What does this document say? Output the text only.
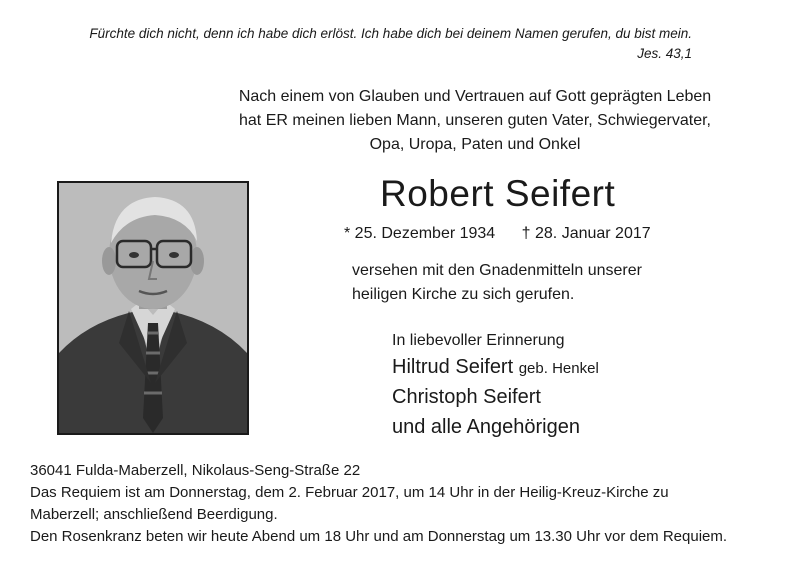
Fürchte dich nicht, denn ich habe dich erlöst. Ich habe dich bei deinem Namen gerufen, du bist mein.
Jes. 43,1
Nach einem von Glauben und Vertrauen auf Gott geprägten Leben
hat ER meinen lieben Mann, unseren guten Vater, Schwiegervater,
Opa, Uropa, Paten und Onkel
Robert Seifert
* 25. Dezember 1934 † 28. Januar 2017
versehen mit den Gnadenmitteln unserer
heiligen Kirche zu sich gerufen.
In liebevoller Erinnerung
Hiltrud Seifert geb. Henkel
Christoph Seifert
und alle Angehörigen
36041 Fulda-Maberzell, Nikolaus-Seng-Straße 22
Das Requiem ist am Donnerstag, dem 2. Februar 2017, um 14 Uhr in der Heilig-Kreuz-Kirche zu
Maberzell; anschließend Beerdigung.
Den Rosenkranz beten wir heute Abend um 18 Uhr und am Donnerstag um 13.30 Uhr vor dem Requiem.
